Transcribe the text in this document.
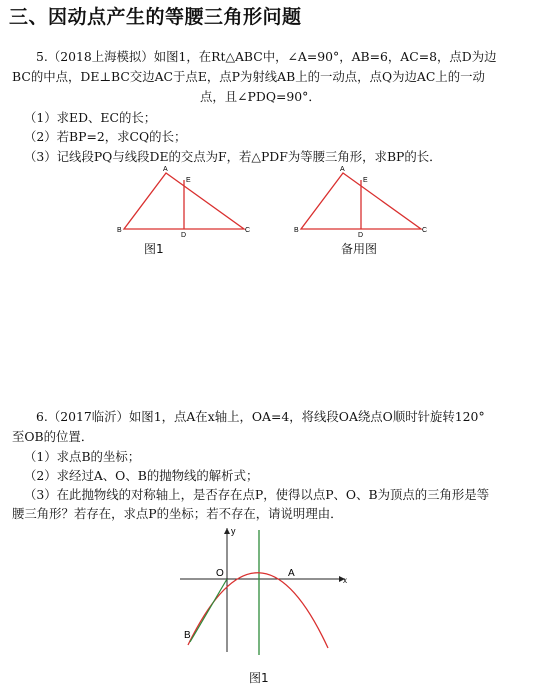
三、因动点产生的等腰三角形问题
5.（2018上海模拟）如图1，在Rt△ABC中，∠A=90°，AB=6，AC=8，点D为边
BC的中点，DE⊥BC交边AC于点E，点P为射线AB上的一动点，点Q为边AC上的一动
点，且∠PDQ=90°．
（1）求ED、EC的长；
（2）若BP=2，求CQ的长；
（3）记线段PQ与线段DE的交点为F，若△PDF为等腰三角形，求BP的长．
A
E
B
D
C
图1
A
E
B
D
C
备用图
6.（2017临沂）如图1，点A在x轴上，OA=4，将线段OA绕点O顺时针旋转120°
至OB的位置．
（1）求点B的坐标；
（2）求经过A、O、B的抛物线的解析式；
（3）在此抛物线的对称轴上，是否存在点P，使得以点P、O、B为顶点的三角形是等
腰三角形？若存在，求点P的坐标；若不存在，请说明理由．
O	A
B
x
y
图1
